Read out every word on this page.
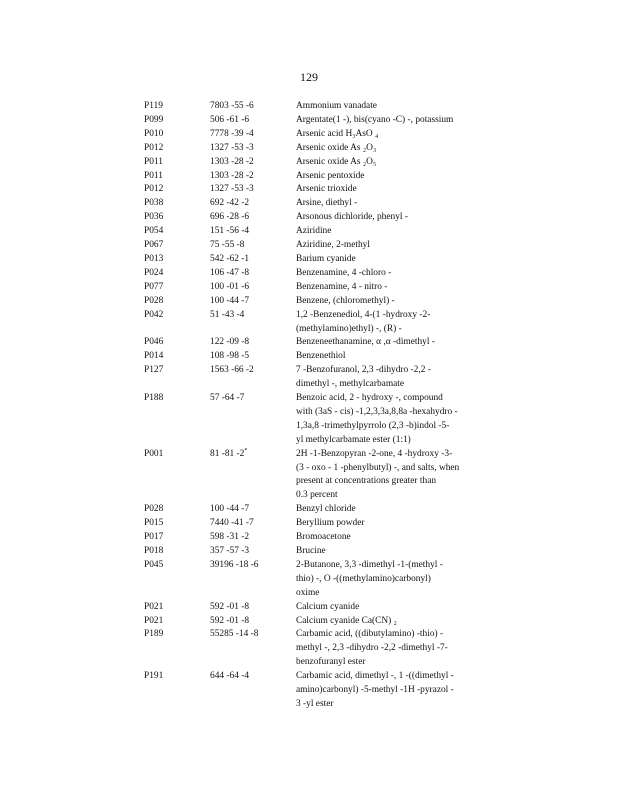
129
P119	7803 -55 -6	Ammonium vanadate
P099	506 -61 -6	Argentate(1 -), bis(cyano -C) -, potassium
P010	7778 -39 -4	Arsenic acid H₃AsO ₄
P012	1327 -53 -3	Arsenic oxide As ₂O₃
P011	1303 -28 -2	Arsenic oxide As ₂O₅
P011	1303 -28 -2	Arsenic pentoxide
P012	1327 -53 -3	Arsenic trioxide
P038	692 -42 -2	Arsine, diethyl -
P036	696 -28 -6	Arsonous dichloride, phenyl -
P054	151 -56 -4	Aziridine
P067	75 -55 -8	Aziridine, 2-methyl
P013	542 -62 -1	Barium cyanide
P024	106 -47 -8	Benzenamine, 4 -chloro -
P077	100 -01 -6	Benzenamine, 4 - nitro -
P028	100 -44 -7	Benzene, (chloromethyl) -
P042	51 -43 -4	1,2 -Benzenediol, 4-(1 -hydroxy -2-
(methylamino)ethyl) -, (R) -
P046	122 -09 -8	Benzeneethanamine, α ,α -dimethyl -
P014	108 -98 -5	Benzenethiol
P127	1563 -66 -2	7 -Benzofuranol, 2,3 -dihydro -2,2 -
dimethyl -, methylcarbamate
P188	57 -64 -7	Benzoic acid, 2 - hydroxy -, compound
with (3aS - cis) -1,2,3,3a,8,8a -hexahydro -
1,3a,8 -trimethylpyrrolo (2,3 -b)indol -5-
yl methylcarbamate ester (1:1)
P001	81 -81 -2*	2H -1-Benzopyran -2-one, 4 -hydroxy -3-
(3 - oxo - 1 -phenylbutyl) -, and salts, when
present at concentrations greater than
0.3 percent
P028	100 -44 -7	Benzyl chloride
P015	7440 -41 -7	Beryllium powder
P017	598 -31 -2	Bromoacetone
P018	357 -57 -3	Brucine
P045	39196 -18 -6	2-Butanone, 3,3 -dimethyl -1-(methyl -
thio) -, O -((methylamino)carbonyl)
oxime
P021	592 -01 -8	Calcium cyanide
P021	592 -01 -8	Calcium cyanide Ca(CN) ₂
P189	55285 -14 -8	Carbamic acid, ((dibutylamino) -thio) -
methyl -, 2,3 -dihydro -2,2 -dimethyl -7-
benzofuranyl ester
P191	644 -64 -4	Carbamic acid, dimethyl -, 1 -((dimethyl -
amino)carbonyl) -5-methyl -1H -pyrazol -
3 -yl ester
